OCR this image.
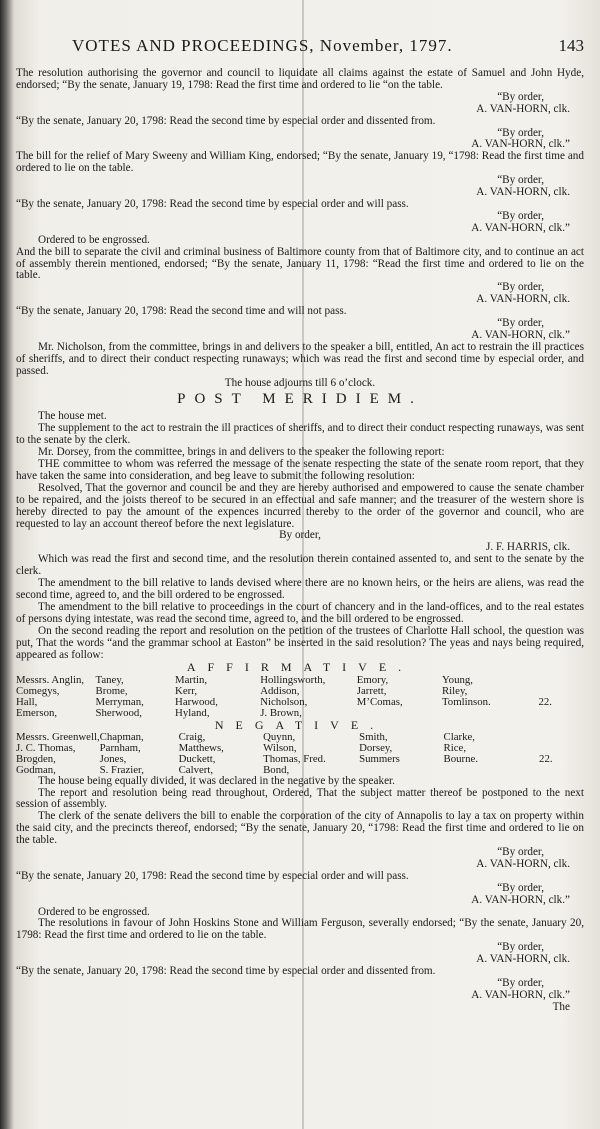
VOTES AND PROCEEDINGS, November, 1797.	143

The resolution authorising the governor and council to liquidate all claims against the estate of Samuel and John Hyde, endorsed; “By the senate, January 19, 1798: Read the first time and ordered to lie “on the table.

“By order,

A. VAN-HORN, clk.

“By the senate, January 20, 1798: Read the second time by especial order and dissented from.

“By order,

A. VAN-HORN, clk.”

The bill for the relief of Mary Sweeny and William King, endorsed; “By the senate, January 19, “1798: Read the first time and ordered to lie on the table.

“By order,

A. VAN-HORN, clk.

“By the senate, January 20, 1798: Read the second time by especial order and will pass.

“By order,

A. VAN-HORN, clk.”

Ordered to be engrossed.

And the bill to separate the civil and criminal business of Baltimore county from that of Baltimore city, and to continue an act of assembly therein mentioned, endorsed; “By the senate, January 11, 1798: “Read the first time and ordered to lie on the table.

“By order,

A. VAN-HORN, clk.

“By the senate, January 20, 1798: Read the second time and will not pass.

“By order,

A. VAN-HORN, clk.”

Mr. Nicholson, from the committee, brings in and delivers to the speaker a bill, entitled, An act to restrain the ill practices of sheriffs, and to direct their conduct respecting runaways; which was read the first and second time by especial order, and passed.

The house adjourns till 6 o’clock.

POST MERIDIEM.

The house met.

The supplement to the act to restrain the ill practices of sheriffs, and to direct their conduct respecting runaways, was sent to the senate by the clerk.

Mr. Dorsey, from the committee, brings in and delivers to the speaker the following report:

THE committee to whom was referred the message of the senate respecting the state of the senate room report, that they have taken the same into consideration, and beg leave to submit the following resolution:

Resolved, That the governor and council be and they are hereby authorised and empowered to cause the senate chamber to be repaired, and the joists thereof to be secured in an effectual and safe manner; and the treasurer of the western shore is hereby directed to pay the amount of the expences incurred thereby to the order of the governor and council, who are requested to lay an account thereof before the next legislature.

By order,

J. F. HARRIS, clk.

Which was read the first and second time, and the resolution therein contained assented to, and sent to the senate by the clerk.

The amendment to the bill relative to lands devised where there are no known heirs, or the heirs are aliens, was read the second time, agreed to, and the bill ordered to be engrossed.

The amendment to the bill relative to proceedings in the court of chancery and in the land-offices, and to the real estates of persons dying intestate, was read the second time, agreed to, and the bill ordered to be engrossed.

On the second reading the report and resolution on the petition of the trustees of Charlotte Hall school, the question was put, That the words “and the grammar school at Easton” be inserted in the said resolution? The yeas and nays being required, appeared as follow:

AFFIRMATIVE.
Messrs. Anglin,	Taney,	Martin,	Hollingsworth,	Emory,	Young,	
Comegys,	Brome,	Kerr,	Addison,	Jarrett,	Riley,	
Hall,	Merryman,	Harwood,	Nicholson,	M’Comas,	Tomlinson.	22.
Emerson,	Sherwood,	Hyland,	J. Brown,			
NEGATIVE.
Messrs. Greenwell,	Chapman,	Craig,	Quynn,	Smith,	Clarke,	
J. C. Thomas,	Parnham,	Matthews,	Wilson,	Dorsey,	Rice,	
Brogden,	Jones,	Duckett,	Thomas, Fred.	Summers	Bourne.	22.
Godman,	S. Frazier,	Calvert,	Bond,			

The house being equally divided, it was declared in the negative by the speaker.

The report and resolution being read throughout, Ordered, That the subject matter thereof be postponed to the next session of assembly.

The clerk of the senate delivers the bill to enable the corporation of the city of Annapolis to lay a tax on property within the said city, and the precincts thereof, endorsed; “By the senate, January 20, “1798: Read the first time and ordered to lie on the table.

“By order,

A. VAN-HORN, clk.

“By the senate, January 20, 1798: Read the second time by especial order and will pass.

“By order,

A. VAN-HORN, clk.”

Ordered to be engrossed.

The resolutions in favour of John Hoskins Stone and William Ferguson, severally endorsed; “By the senate, January 20, 1798: Read the first time and ordered to lie on the table.

“By order,

A. VAN-HORN, clk.

“By the senate, January 20, 1798: Read the second time by especial order and dissented from.

“By order,

A. VAN-HORN, clk.”

The
